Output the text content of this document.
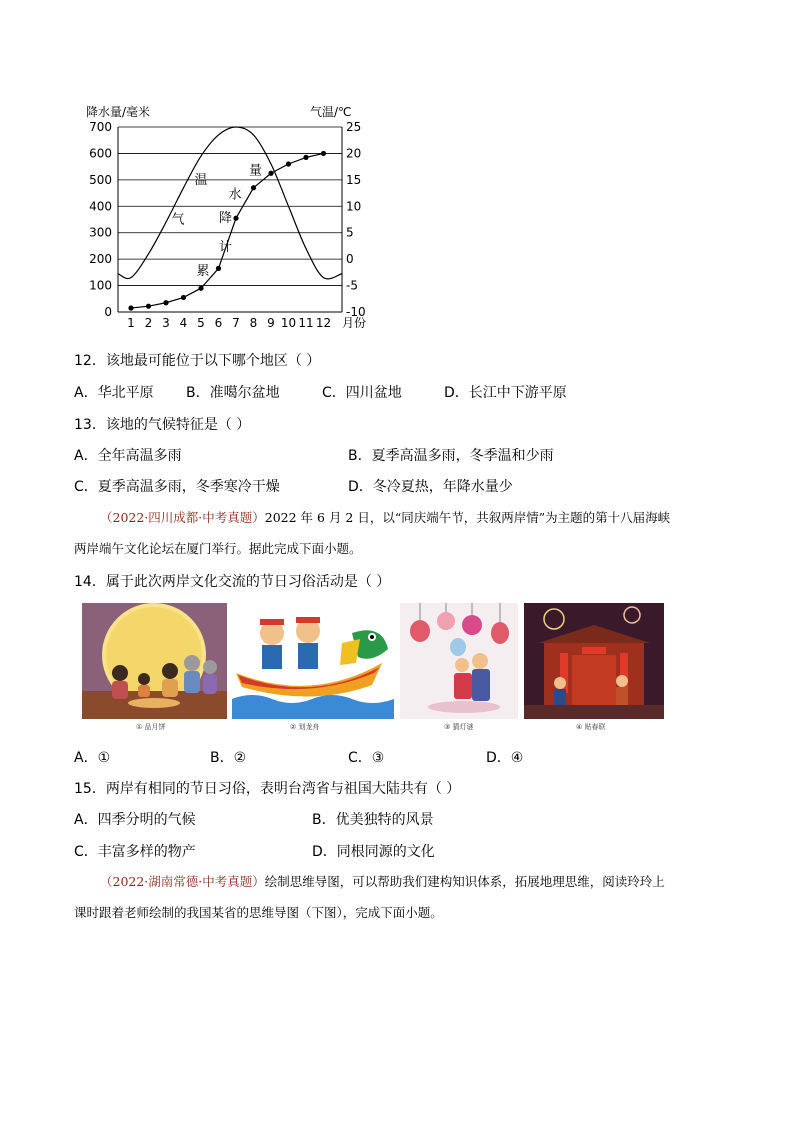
700
600
500
400
300
200
100
0
25
20
15
10
5
0
-5
-10
1 2 3 4 5 6 7 8 9 10 11 12
降水量/毫米	气温/℃
月份
气
温
累
计
降
水
量
12．该地最可能位于以下哪个地区（ ）
A．华北平原 B．准噶尔盆地	C．四川盆地	D．长江中下游平原
13．该地的气候特征是（ ）
A．全年高温多雨	B．夏季高温多雨，冬季温和少雨
C．夏季高温多雨，冬季寒冷干燥	D．冬冷夏热，年降水量少
（2022·四川成都·中考真题）2022 年 6 月 2 日，以“同庆端午节，共叙两岸情”为主题的第十八届海峡
两岸端午文化论坛在厦门举行。据此完成下面小题。
14．属于此次两岸文化交流的节日习俗活动是（ ）
① 品月饼	② 划龙舟	③ 猜灯谜	④ 贴春联
A．①	B．②	C．③	D．④
15．两岸有相同的节日习俗，表明台湾省与祖国大陆共有（ ）
A．四季分明的气候	B．优美独特的风景
C．丰富多样的物产	D．同根同源的文化
（2022·湖南常德·中考真题）绘制思维导图，可以帮助我们建构知识体系，拓展地理思维，阅读玲玲上
课时跟着老师绘制的我国某省的思维导图（下图），完成下面小题。
